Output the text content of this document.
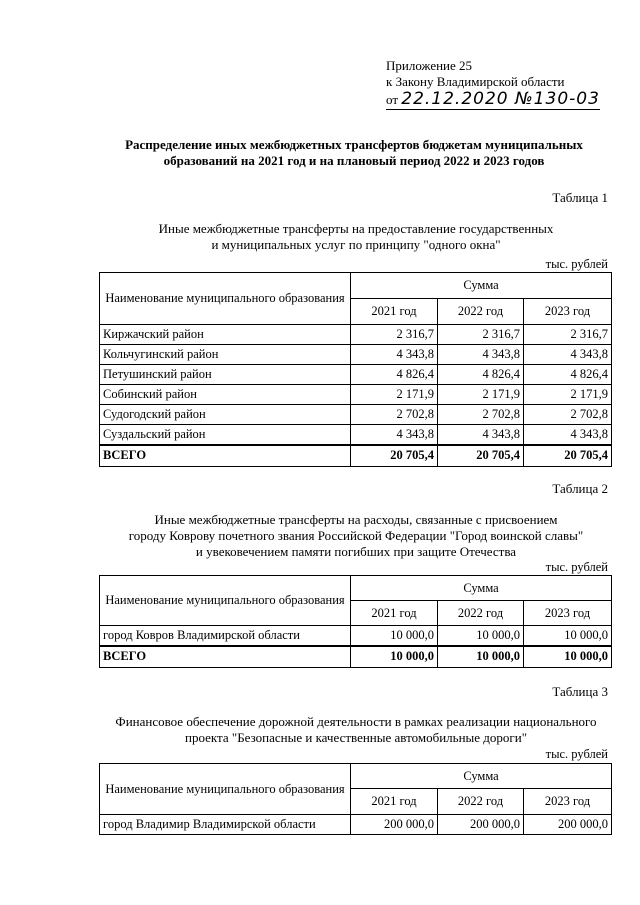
Приложение 25
к Закону Владимирской области
от 22.12.2020 №130-03
Распределение иных межбюджетных трансфертов бюджетам муниципальных
образований на 2021 год и на плановый период 2022 и 2023 годов
Таблица 1
Иные межбюджетные трансферты на предоставление государственных
и муниципальных услуг по принципу "одного окна"
тыс. рублей
Наименование муниципального образования	Сумма		
	2021 год	2022 год	2023 год
Киржачский район	2 316,7	2 316,7	2 316,7
Кольчугинский район	4 343,8	4 343,8	4 343,8
Петушинский район	4 826,4	4 826,4	4 826,4
Собинский район	2 171,9	2 171,9	2 171,9
Судогодский район	2 702,8	2 702,8	2 702,8
Суздальский район	4 343,8	4 343,8	4 343,8
ВСЕГО	20 705,4	20 705,4	20 705,4
Таблица 2
Иные межбюджетные трансферты на расходы, связанные с присвоением
городу Коврову почетного звания Российской Федерации "Город воинской славы"
и увековечением памяти погибших при защите Отечества
тыс. рублей
Наименование муниципального образования	Сумма		
	2021 год	2022 год	2023 год
город Ковров Владимирской области	10 000,0	10 000,0	10 000,0
ВСЕГО	10 000,0	10 000,0	10 000,0
Таблица 3
Финансовое обеспечение дорожной деятельности в рамках реализации национального
проекта "Безопасные и качественные автомобильные дороги"
тыс. рублей
Наименование муниципального образования	Сумма		
	2021 год	2022 год	2023 год
город Владимир Владимирской области	200 000,0	200 000,0	200 000,0
